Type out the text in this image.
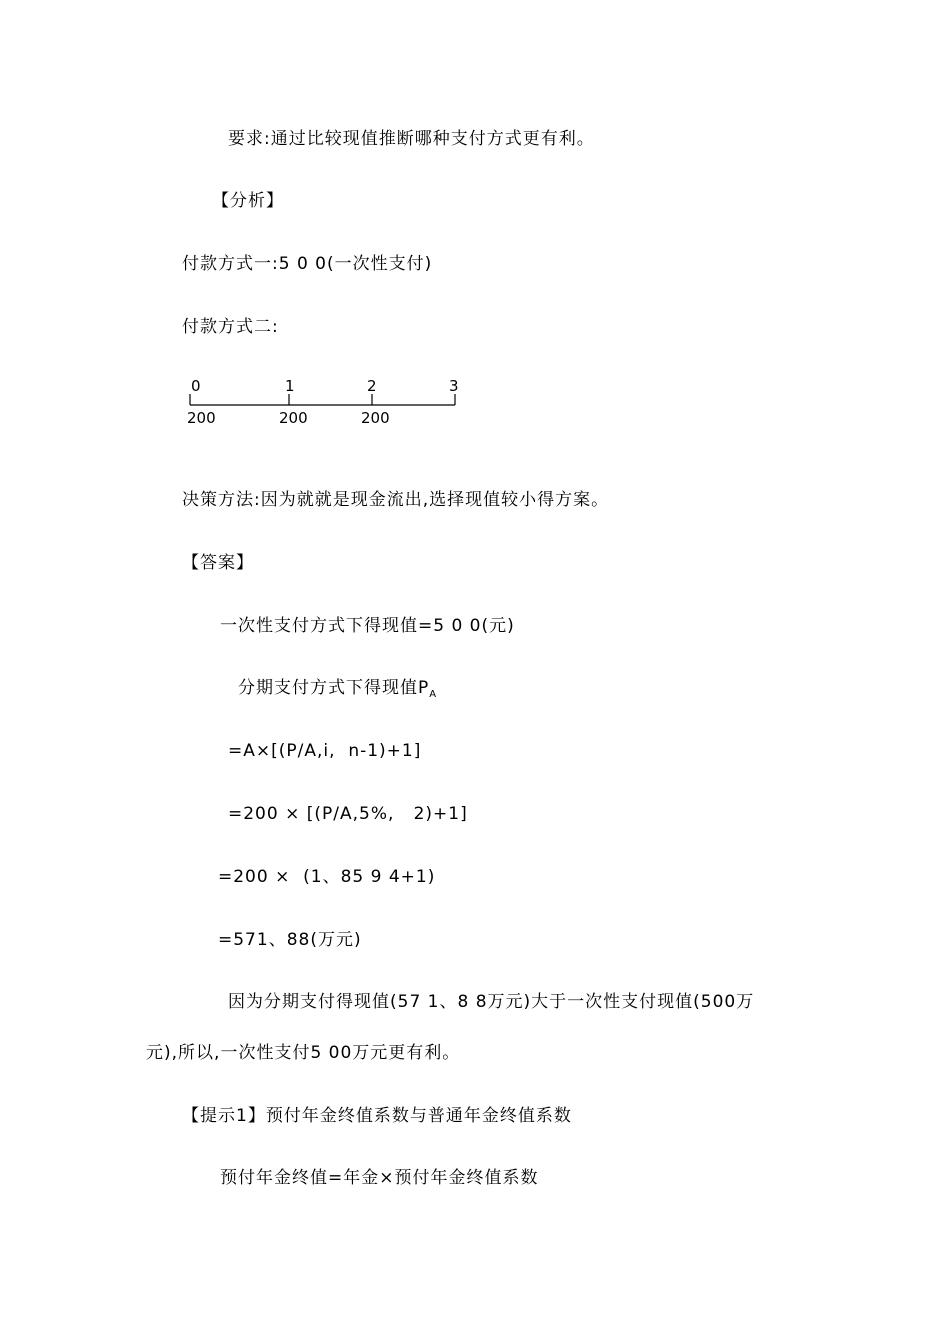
要求:通过比较现值推断哪种支付方式更有利。
【分析】
付款方式一:5 0 0(一次性支付)
付款方式二:
0	1	2	3
200	200	200
决策方法:因为就就是现金流出,选择现值较小得方案。
【答案】
一次性支付方式下得现值=5 0 0(元)
分期支付方式下得现值$P_A$
=A×[(P/A,i,  n-1)+1]
=200 × [(P/A,5%,   2)+1]
=200 ×  (1、85 9 4+1)
=571、88(万元)
因为分期支付得现值(57 1、8 8万元)大于一次性支付现值(500万
元),所以,一次性支付5 00万元更有利。
【提示1】预付年金终值系数与普通年金终值系数
预付年金终值=年金×预付年金终值系数
